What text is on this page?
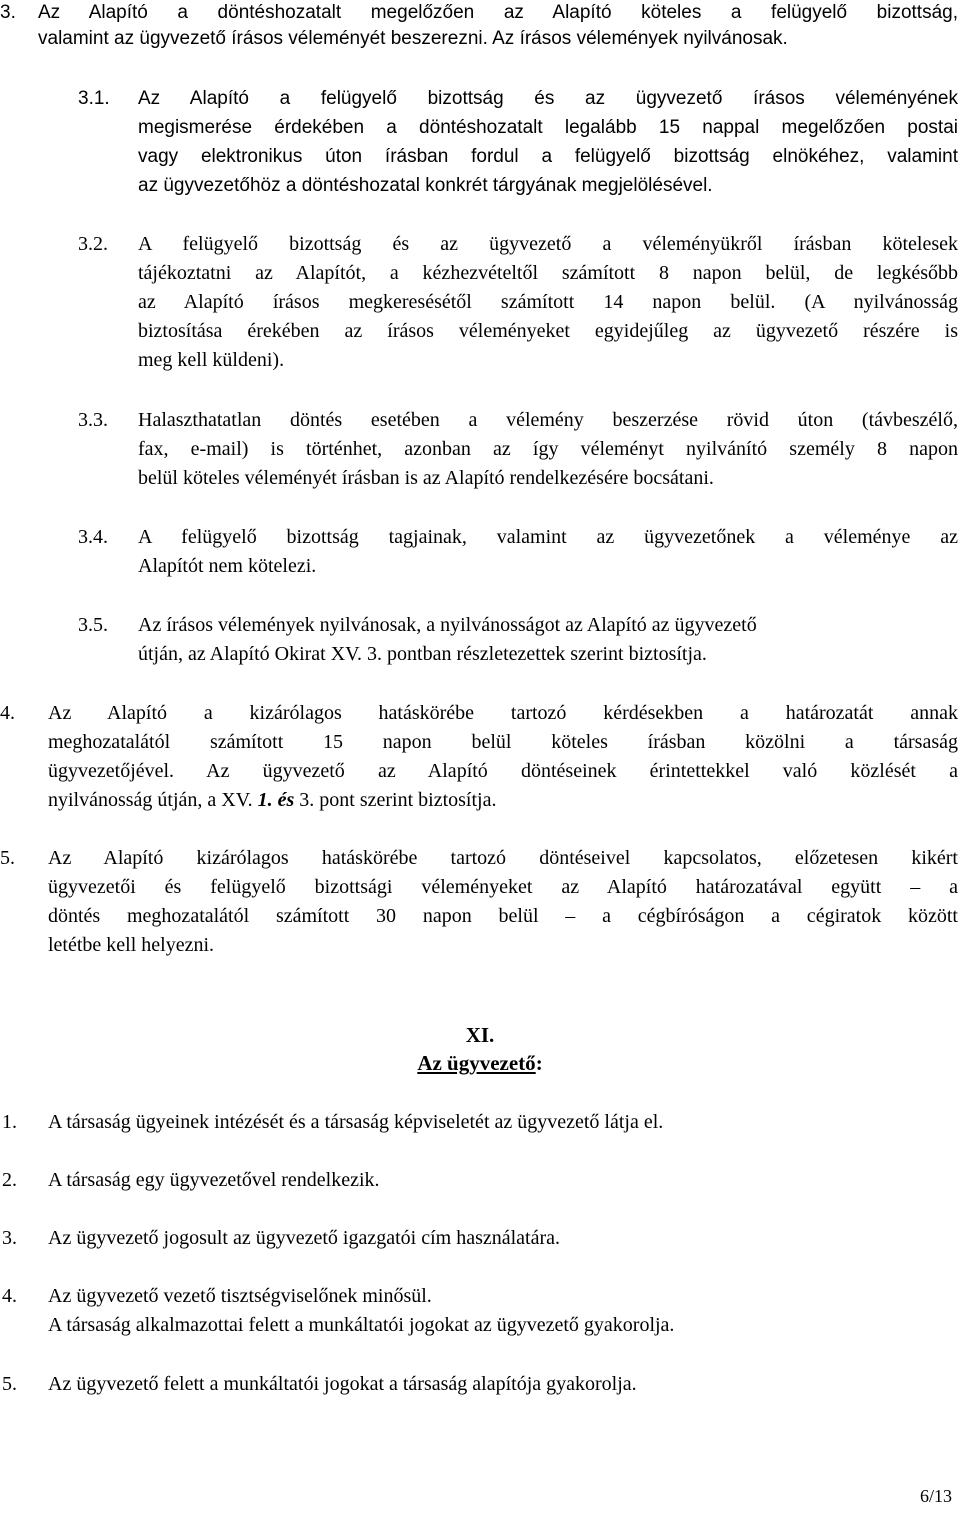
3. Az Alapító a döntéshozatalt megelőzően az Alapító köteles a felügyelő bizottság,
valamint az ügyvezető írásos véleményét beszerezni. Az írásos vélemények nyilvánosak.
3.1. Az Alapító a felügyelő bizottság és az ügyvezető írásos véleményének
megismerése érdekében a döntéshozatalt legalább 15 nappal megelőzően postai
vagy elektronikus úton írásban fordul a felügyelő bizottság elnökéhez, valamint
az ügyvezetőhöz a döntéshozatal konkrét tárgyának megjelölésével.
3.2. A felügyelő bizottság és az ügyvezető a véleményükről írásban kötelesek
tájékoztatni az Alapítót, a kézhezvételtől számított 8 napon belül, de legkésőbb
az Alapító írásos megkeresésétől számított 14 napon belül. (A nyilvánosság
biztosítása érekében az írásos véleményeket egyidejűleg az ügyvezető részére is
meg kell küldeni).
3.3. Halaszthatatlan döntés esetében a vélemény beszerzése rövid úton (távbeszélő,
fax, e-mail) is történhet, azonban az így véleményt nyilvánító személy 8 napon
belül köteles véleményét írásban is az Alapító rendelkezésére bocsátani.
3.4. A felügyelő bizottság tagjainak, valamint az ügyvezetőnek a véleménye az
Alapítót nem kötelezi.
3.5. Az írásos vélemények nyilvánosak, a nyilvánosságot az Alapító az ügyvezető
útján, az Alapító Okirat XV. 3. pontban részletezettek szerint biztosítja.
4. Az Alapító a kizárólagos hatáskörébe tartozó kérdésekben a határozatát annak
meghozatalától számított 15 napon belül köteles írásban közölni a társaság
ügyvezetőjével. Az ügyvezető az Alapító döntéseinek érintettekkel való közlését a
nyilvánosság útján, a XV. 1. és 3. pont szerint biztosítja.
5. Az Alapító kizárólagos hatáskörébe tartozó döntéseivel kapcsolatos, előzetesen kikért
ügyvezetői és felügyelő bizottsági véleményeket az Alapító határozatával együtt – a
döntés meghozatalától számított 30 napon belül – a cégbíróságon a cégiratok között
letétbe kell helyezni.
XI.
Az ügyvezető:
1. A társaság ügyeinek intézését és a társaság képviseletét az ügyvezető látja el.
2. A társaság egy ügyvezetővel rendelkezik.
3. Az ügyvezető jogosult az ügyvezető igazgatói cím használatára.
4. Az ügyvezető vezető tisztségviselőnek minősül.
A társaság alkalmazottai felett a munkáltatói jogokat az ügyvezető gyakorolja.
5. Az ügyvezető felett a munkáltatói jogokat a társaság alapítója gyakorolja.
6/13
